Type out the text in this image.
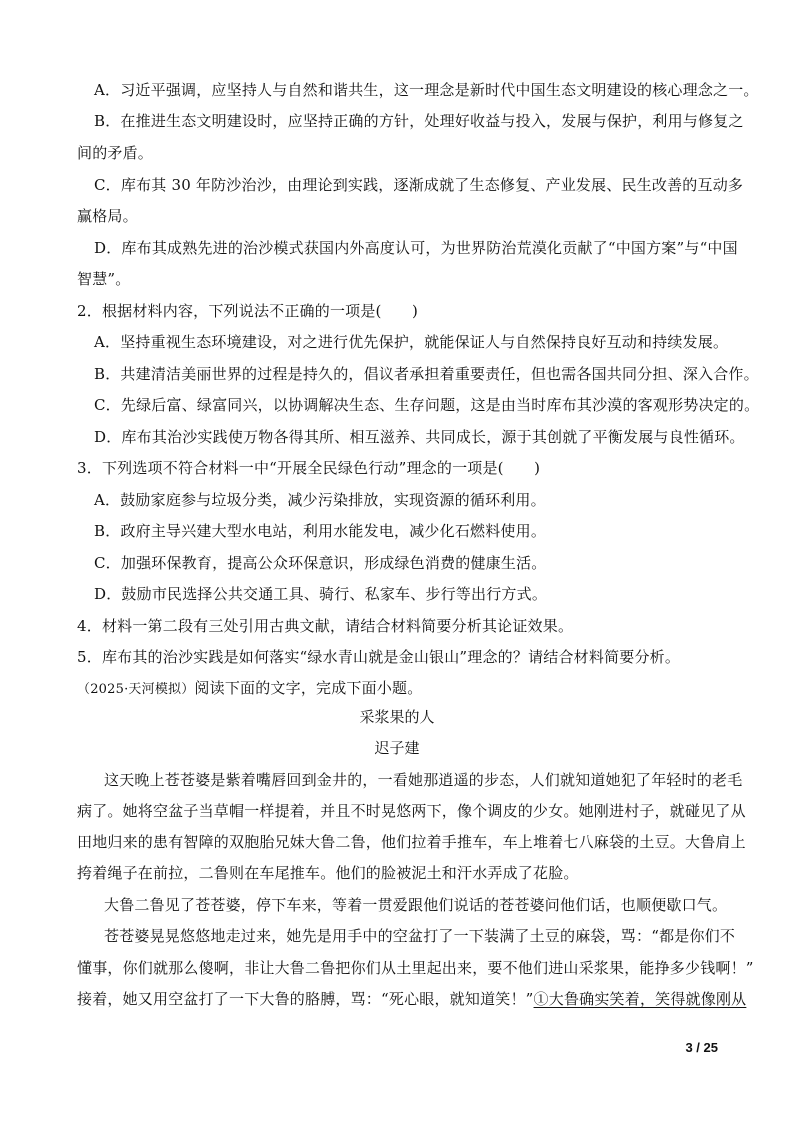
A．习近平强调，应坚持人与自然和谐共生，这一理念是新时代中国生态文明建设的核心理念之一。
B．在推进生态文明建设时，应坚持正确的方针，处理好收益与投入，发展与保护，利用与修复之
间的矛盾。
C．库布其 30 年防沙治沙，由理论到实践，逐渐成就了生态修复、产业发展、民生改善的互动多
赢格局。
D．库布其成熟先进的治沙模式获国内外高度认可，为世界防治荒漠化贡献了“中国方案”与“中国
智慧”。
2．根据材料内容，下列说法不正确的一项是(　　)
A．坚持重视生态环境建设，对之进行优先保护，就能保证人与自然保持良好互动和持续发展。
B．共建清洁美丽世界的过程是持久的，倡议者承担着重要责任，但也需各国共同分担、深入合作。
C．先绿后富、绿富同兴，以协调解决生态、生存问题，这是由当时库布其沙漠的客观形势决定的。
D．库布其治沙实践使万物各得其所、相互滋养、共同成长，源于其创就了平衡发展与良性循环。
3．下列选项不符合材料一中“开展全民绿色行动”理念的一项是(　　)
A．鼓励家庭参与垃圾分类，减少污染排放，实现资源的循环利用。
B．政府主导兴建大型水电站，利用水能发电，减少化石燃料使用。
C．加强环保教育，提高公众环保意识，形成绿色消费的健康生活。
D．鼓励市民选择公共交通工具、骑行、私家车、步行等出行方式。
4．材料一第二段有三处引用古典文献，请结合材料简要分析其论证效果。
5．库布其的治沙实践是如何落实“绿水青山就是金山银山”理念的？请结合材料简要分析。
（2025·天河模拟）阅读下面的文字，完成下面小题。
采浆果的人
迟子建
这天晚上苍苍婆是紫着嘴唇回到金井的，一看她那逍遥的步态，人们就知道她犯了年轻时的老毛
病了。她将空盆子当草帽一样提着，并且不时晃悠两下，像个调皮的少女。她刚进村子，就碰见了从
田地归来的患有智障的双胞胎兄妹大鲁二鲁，他们拉着手推车，车上堆着七八麻袋的土豆。大鲁肩上
挎着绳子在前拉，二鲁则在车尾推车。他们的脸被泥土和汗水弄成了花脸。
大鲁二鲁见了苍苍婆，停下车来，等着一贯爱跟他们说话的苍苍婆问他们话，也顺便歇口气。
苍苍婆晃晃悠悠地走过来，她先是用手中的空盆打了一下装满了土豆的麻袋，骂：“都是你们不
懂事，你们就那么傻啊，非让大鲁二鲁把你们从土里起出来，要不他们进山采浆果，能挣多少钱啊！”
接着，她又用空盆打了一下大鲁的胳膊，骂：“死心眼，就知道笑！”①大鲁确实笑着，笑得就像刚从
3 / 25
